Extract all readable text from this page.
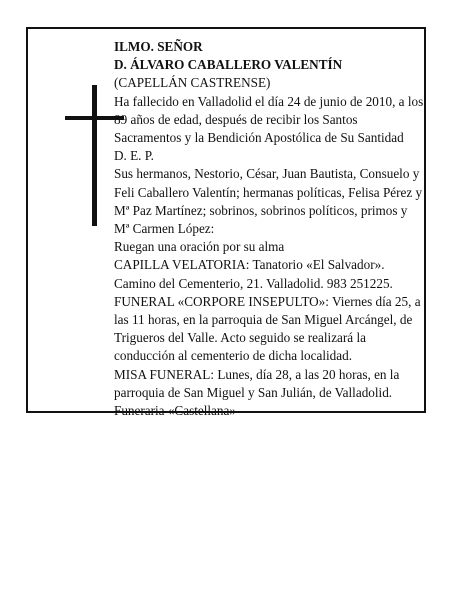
ILMO. SEÑOR

D. ÁLVARO CABALLERO VALENTÍN

(CAPELLÁN CASTRENSE)

Ha fallecido en Valladolid el día 24 de junio de 2010, a los 89 años de edad, después de recibir los Santos Sacramentos y la Bendición Apostólica de Su Santidad

D. E. P.

Sus hermanos, Nestorio, César, Juan Bautista, Consuelo y Feli Caballero Valentín; hermanas políticas, Felisa Pérez y Mª Paz Martínez; sobrinos, sobrinos políticos, primos y Mª Carmen López:

Ruegan una oración por su alma

CAPILLA VELATORIA: Tanatorio «El Salvador». Camino del Cementerio, 21. Valladolid. 983 251225.

FUNERAL «CORPORE INSEPULTO»: Viernes día 25, a las 11 horas, en la parroquia de San Miguel Arcángel, de Trigueros del Valle. Acto seguido se realizará la conducción al cementerio de dicha localidad.

MISA FUNERAL: Lunes, día 28, a las 20 horas, en la parroquia de San Miguel y San Julián, de Valladolid.

Funeraria «Castellana»
